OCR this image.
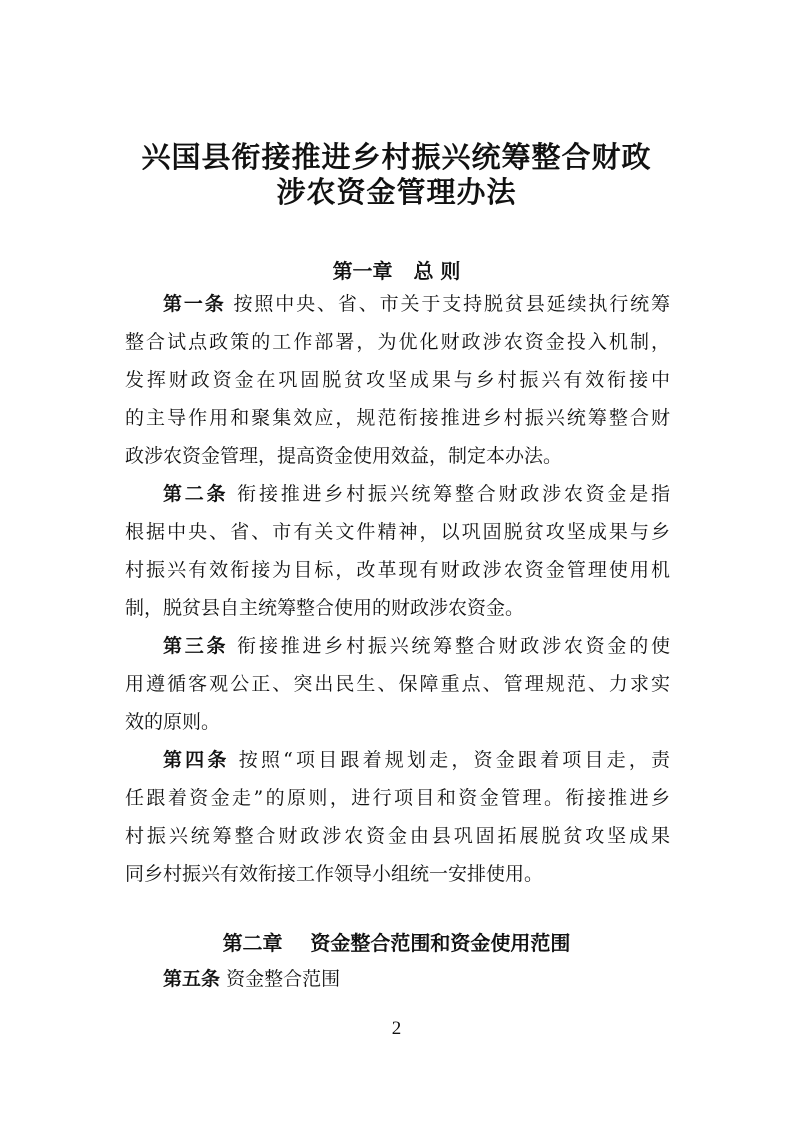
兴国县衔接推进乡村振兴统筹整合财政
涉农资金管理办法
第一章   总 则

第一条 按照中央、省、市关于支持脱贫县延续执行统筹

整合试点政策的工作部署，为优化财政涉农资金投入机制，

发挥财政资金在巩固脱贫攻坚成果与乡村振兴有效衔接中

的主导作用和聚集效应，规范衔接推进乡村振兴统筹整合财

政涉农资金管理，提高资金使用效益，制定本办法。

第二条 衔接推进乡村振兴统筹整合财政涉农资金是指

根据中央、省、市有关文件精神，以巩固脱贫攻坚成果与乡

村振兴有效衔接为目标，改革现有财政涉农资金管理使用机

制，脱贫县自主统筹整合使用的财政涉农资金。

第三条 衔接推进乡村振兴统筹整合财政涉农资金的使

用遵循客观公正、突出民生、保障重点、管理规范、力求实

效的原则。

第四条 按照“项目跟着规划走，资金跟着项目走，责

任跟着资金走”的原则，进行项目和资金管理。衔接推进乡

村振兴统筹整合财政涉农资金由县巩固拓展脱贫攻坚成果

同乡村振兴有效衔接工作领导小组统一安排使用。

第二章    资金整合范围和资金使用范围

第五条 资金整合范围

2
